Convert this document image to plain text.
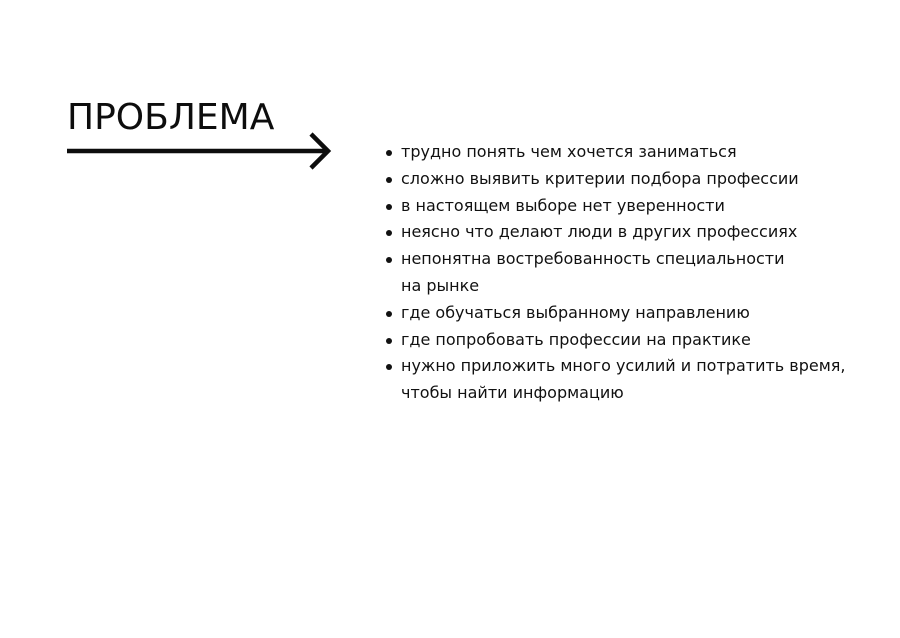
ПРОБЛЕМА
трудно понять чем хочется заниматься
сложно выявить критерии подбора профессии
в настоящем выборе нет уверенности
неясно что делают люди в других профессиях
непонятна востребованность специальности
на рынке
где обучаться выбранному направлению
где попробовать профессии на практике
нужно приложить много усилий и потратить время,
чтобы найти информацию
